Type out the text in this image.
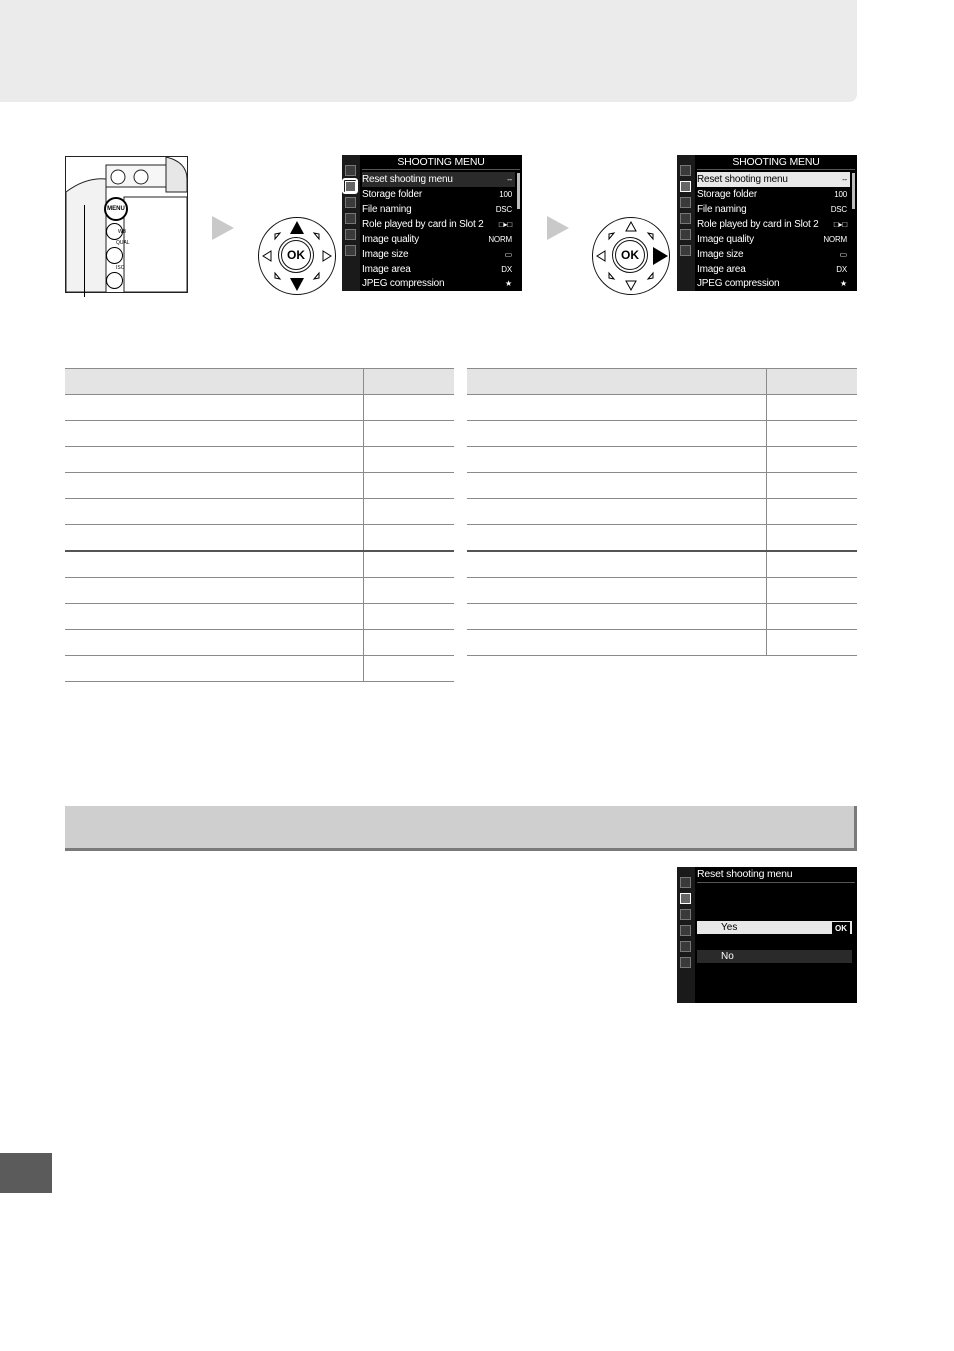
MENU
WB
QUAL
ISO
OK
SHOOTING MENU
Reset shooting menu	--
Storage folder	100
File naming	DSC
Role played by card in Slot 2 □▸□
Image quality	NORM
Image size	▭
Image area	DX
JPEG compression	★
OK
SHOOTING MENU
Reset shooting menu	--
Storage folder	100
File naming	DSC
Role played by card in Slot 2 □▸□
Image quality	NORM
Image size	▭
Image area	DX
JPEG compression	★

Reset shooting menu
Yes	OK
No
